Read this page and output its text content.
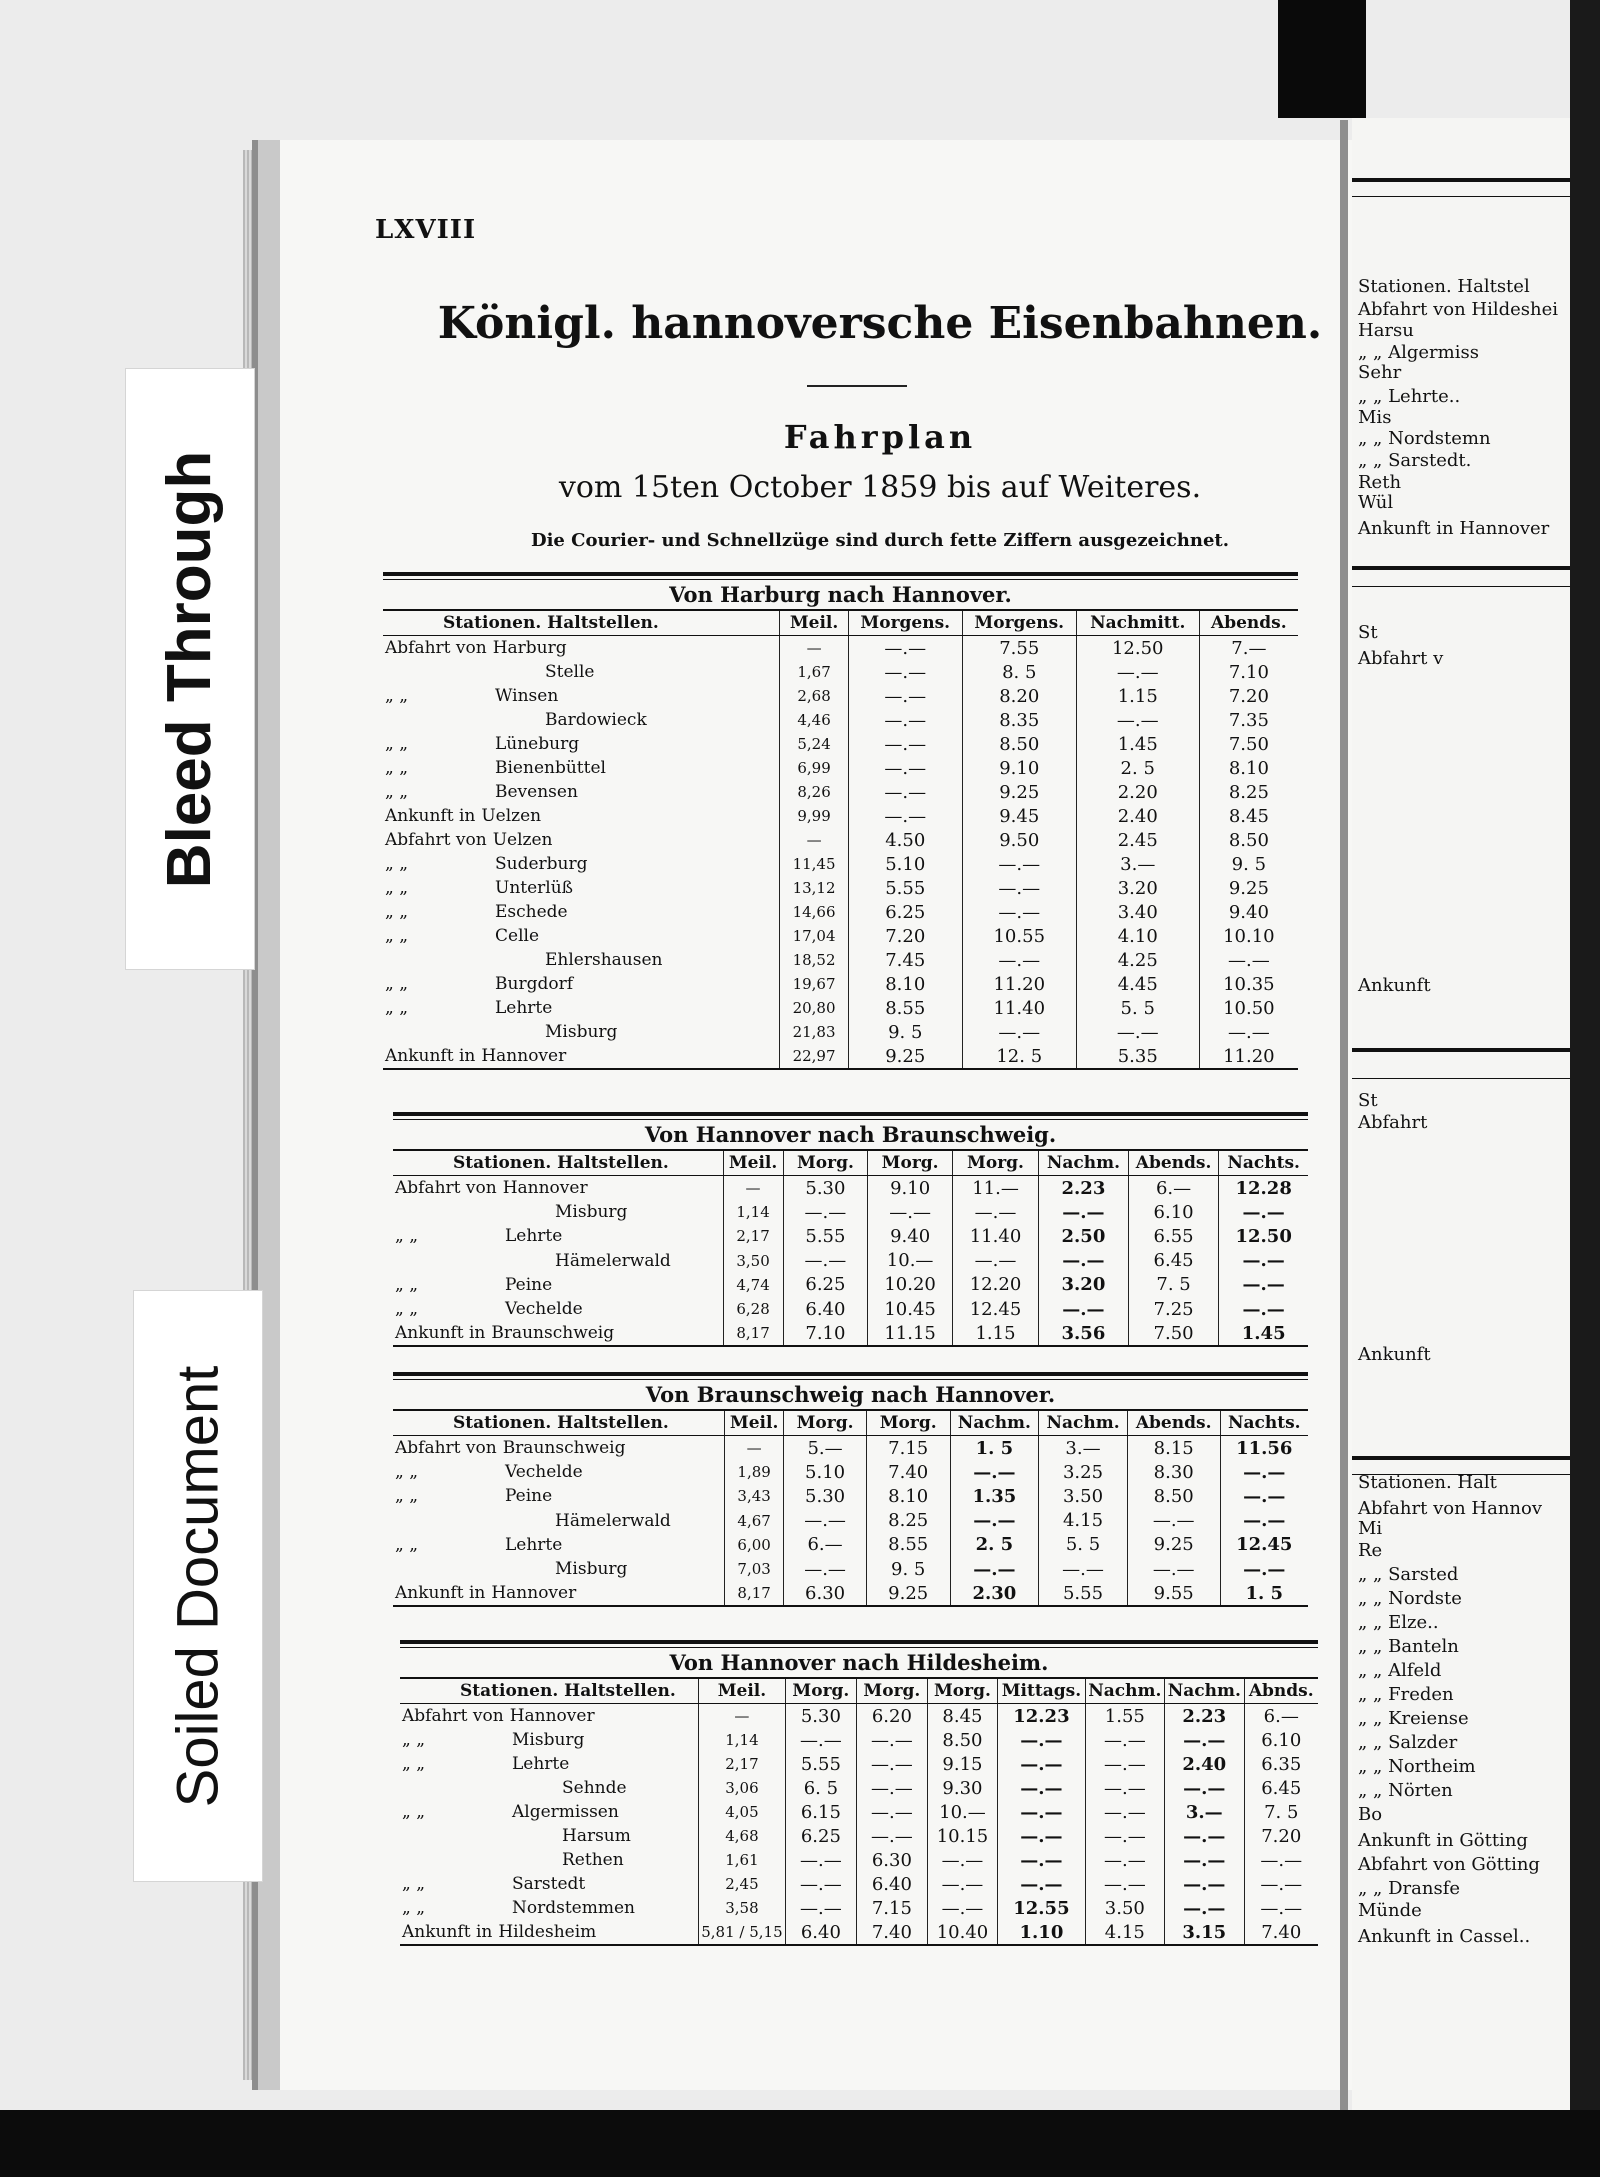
Stationen. Haltstel
Abfahrt von Hildeshei
Harsu
„ „ Algermiss
Sehr
„ „ Lehrte..
Mis
„ „ Nordstemn
„ „ Sarstedt.
Reth
Wül
Ankunft in Hannover
St
Abfahrt v
Ankunft
St
Abfahrt
Ankunft
Stationen. Halt
Abfahrt von Hannov
Mi
Re
„ „ Sarsted
„ „ Nordste
„ „ Elze..
„ „ Banteln
„ „ Alfeld
„ „ Freden
„ „ Kreiense
„ „ Salzder
„ „ Northeim
„ „ Nörten
Bo
Ankunft in Götting
Abfahrt von Götting
„ „ Dransfe
Münde
Ankunft in Cassel..
Bleed Through
Soiled Document
LXVIII
Königl. hannoversche Eisenbahnen.
Fahrplan
vom 15ten October 1859 bis auf Weiteres.
Die Courier- und Schnellzüge sind durch fette Ziffern ausgezeichnet.
Von Harburg nach Hannover.
Stationen. Haltstellen.	Meil.	Morgens.	Morgens.	Nachmitt.	Abends.
Abfahrt von Harburg	—	—.—	7.55	12.50	7.—
Stelle	1,67	—.—	8. 5	—.—	7.10
„ „ Winsen	2,68	—.—	8.20	1.15	7.20
Bardowieck	4,46	—.—	8.35	—.—	7.35
„ „ Lüneburg	5,24	—.—	8.50	1.45	7.50
„ „ Bienenbüttel	6,99	—.—	9.10	2. 5	8.10
„ „ Bevensen	8,26	—.—	9.25	2.20	8.25
Ankunft in Uelzen	9,99	—.—	9.45	2.40	8.45
Abfahrt von Uelzen	—	4.50	9.50	2.45	8.50
„ „ Suderburg	11,45	5.10	—.—	3.—	9. 5
„ „ Unterlüß	13,12	5.55	—.—	3.20	9.25
„ „ Eschede	14,66	6.25	—.—	3.40	9.40
„ „ Celle	17,04	7.20	10.55	4.10	10.10
Ehlershausen	18,52	7.45	—.—	4.25	—.—
„ „ Burgdorf	19,67	8.10	11.20	4.45	10.35
„ „ Lehrte	20,80	8.55	11.40	5. 5	10.50
Misburg	21,83	9. 5	—.—	—.—	—.—
Ankunft in Hannover	22,97	9.25	12. 5	5.35	11.20
Von Hannover nach Braunschweig.
Stationen. Haltstellen.	Meil.	Morg.	Morg.	Morg.	Nachm.	Abends.	Nachts.
Abfahrt von Hannover	—	5.30	9.10	11.—	2.23	6.—	12.28
Misburg	1,14	—.—	—.—	—.—	—.—	6.10	—.—
„ „ Lehrte	2,17	5.55	9.40	11.40	2.50	6.55	12.50
Hämelerwald	3,50	—.—	10.—	—.—	—.—	6.45	—.—
„ „ Peine	4,74	6.25	10.20	12.20	3.20	7. 5	—.—
„ „ Vechelde	6,28	6.40	10.45	12.45	—.—	7.25	—.—
Ankunft in Braunschweig	8,17	7.10	11.15	1.15	3.56	7.50	1.45
Von Braunschweig nach Hannover.
Stationen. Haltstellen.	Meil.	Morg.	Morg.	Nachm.	Nachm.	Abends.	Nachts.
Abfahrt von Braunschweig	—	5.—	7.15	1. 5	3.—	8.15	11.56
„ „ Vechelde	1,89	5.10	7.40	—.—	3.25	8.30	—.—
„ „ Peine	3,43	5.30	8.10	1.35	3.50	8.50	—.—
Hämelerwald	4,67	—.—	8.25	—.—	4.15	—.—	—.—
„ „ Lehrte	6,00	6.—	8.55	2. 5	5. 5	9.25	12.45
Misburg	7,03	—.—	9. 5	—.—	—.—	—.—	—.—
Ankunft in Hannover	8,17	6.30	9.25	2.30	5.55	9.55	1. 5
Von Hannover nach Hildesheim.
Stationen. Haltstellen.	Meil.	Morg.	Morg.	Morg.	Mittags.	Nachm.	Nachm.	Abnds.
Abfahrt von Hannover	—	5.30	6.20	8.45	12.23	1.55	2.23	6.—
„ „ Misburg	1,14	—.—	—.—	8.50	—.—	—.—	—.—	6.10
„ „ Lehrte	2,17	5.55	—.—	9.15	—.—	—.—	2.40	6.35
Sehnde	3,06	6. 5	—.—	9.30	—.—	—.—	—.—	6.45
„ „ Algermissen	4,05	6.15	—.—	10.—	—.—	—.—	3.—	7. 5
Harsum	4,68	6.25	—.—	10.15	—.—	—.—	—.—	7.20
Rethen	1,61	—.—	6.30	—.—	—.—	—.—	—.—	—.—
„ „ Sarstedt	2,45	—.—	6.40	—.—	—.—	—.—	—.—	—.—
„ „ Nordstemmen	3,58	—.—	7.15	—.—	12.55	3.50	—.—	—.—
Ankunft in Hildesheim	5,81 / 5,15	6.40	7.40	10.40	1.10	4.15	3.15	7.40
